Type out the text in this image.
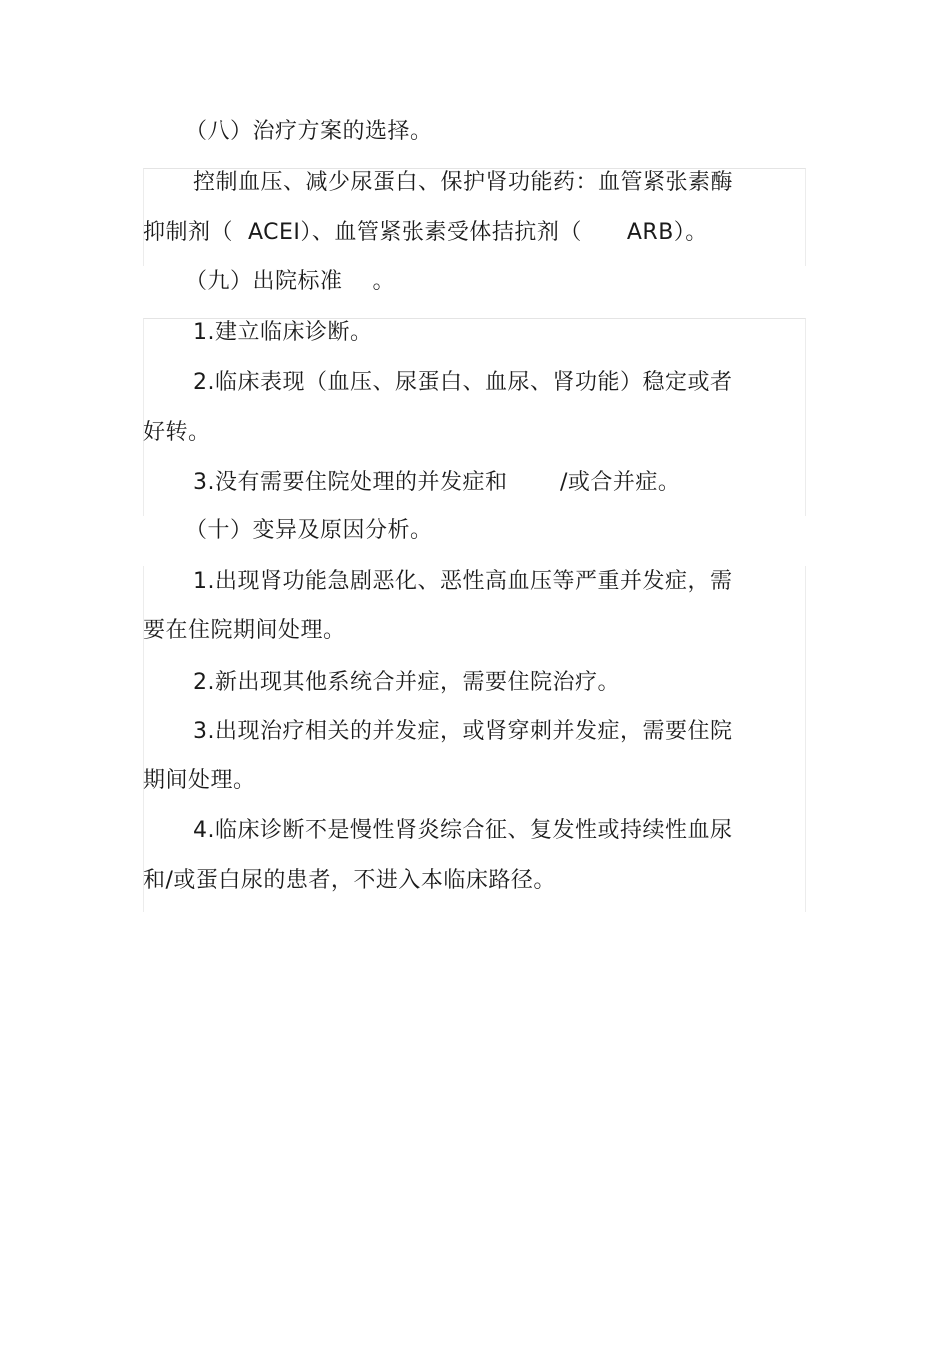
（八）治疗方案的选择。
控制血压、减少尿蛋白、保护肾功能药：血管紧张素酶
抑制剂（  ACEI）、血管紧张素受体拮抗剂（      ARB）。
（九）出院标准    。
1.建立临床诊断。
2.临床表现（血压、尿蛋白、血尿、肾功能）稳定或者
好转。
3.没有需要住院处理的并发症和       /或合并症。
（十）变异及原因分析。
1.出现肾功能急剧恶化、恶性高血压等严重并发症，需
要在住院期间处理。
2.新出现其他系统合并症，需要住院治疗。
3.出现治疗相关的并发症，或肾穿刺并发症，需要住院
期间处理。
4.临床诊断不是慢性肾炎综合征、复发性或持续性血尿
和/或蛋白尿的患者，不进入本临床路径。
